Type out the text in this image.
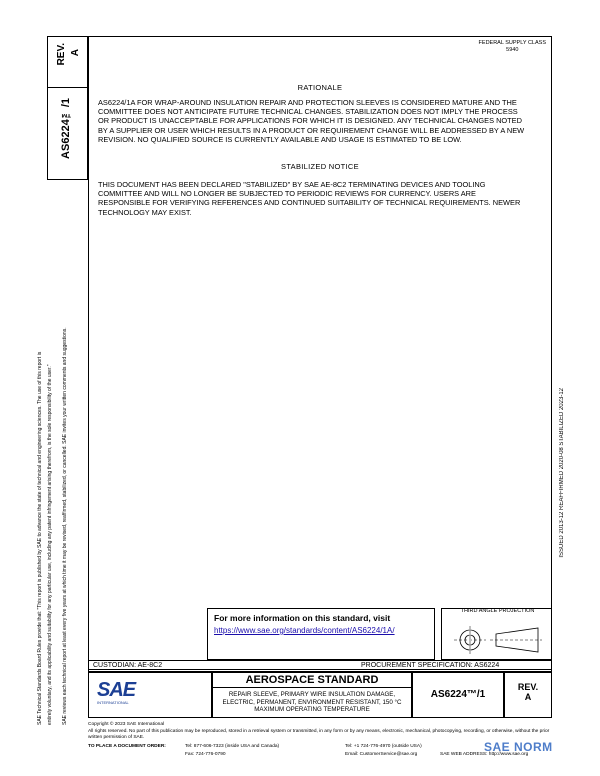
REV. A
AS6224™/1
SAE Technical Standards Board Rules provide that: "This report is published by SAE to advance the state of technical and engineering sciences. The use of this report is entirely voluntary, and its applicability and suitability for any particular use, including any patent infringement arising therefrom, is the sole responsibility of the user." SAE reviews each technical report at least every five years at which time it may be revised, reaffirmed, stabilized, or cancelled. SAE invites your written comments and suggestions.	ISSUED 2013-12 REAFFIRMED 2020-08 STABILIZED 2023-12
FEDERAL SUPPLY CLASS
5940
RATIONALE
AS6224/1A FOR WRAP-AROUND INSULATION REPAIR AND PROTECTION SLEEVES IS CONSIDERED MATURE AND THE COMMITTEE DOES NOT ANTICIPATE FUTURE TECHNICAL CHANGES. STABILIZATION DOES NOT IMPLY THE PROCESS OR PRODUCT IS UNACCEPTABLE FOR APPLICATIONS FOR WHICH IT IS DESIGNED. ANY TECHNICAL CHANGES NOTED BY A SUPPLIER OR USER WHICH RESULTS IN A PRODUCT OR REQUIREMENT CHANGE WILL BE ADDRESSED BY A NEW REVISION. NO QUALIFIED SOURCE IS CURRENTLY AVAILABLE AND USAGE IS ESTIMATED TO BE LOW.
STABILIZED NOTICE
THIS DOCUMENT HAS BEEN DECLARED "STABILIZED" BY SAE AE-8C2 TERMINATING DEVICES AND TOOLING COMMITTEE AND WILL NO LONGER BE SUBJECTED TO PERIODIC REVIEWS FOR CURRENCY. USERS ARE RESPONSIBLE FOR VERIFYING REFERENCES AND CONTINUED SUITABILITY OF TECHNICAL REQUIREMENTS. NEWER TECHNOLOGY MAY EXIST.
For more information on this standard, visit
https://www.sae.org/standards/content/AS6224/1A/
THIRD ANGLE PROJECTION
CUSTODIAN: AE-8C2	PROCUREMENT SPECIFICATION: AS6224
SAE
INTERNATIONAL
AEROSPACE STANDARD
REPAIR SLEEVE, PRIMARY WIRE INSULATION DAMAGE, ELECTRIC, PERMANENT, ENVIRONMENT RESISTANT, 150 °C MAXIMUM OPERATING TEMPERATURE
AS6224™/1
REV.
A
Copyright © 2023 SAE International
All rights reserved. No part of this publication may be reproduced, stored in a retrieval system or transmitted, in any form or by any means, electronic, mechanical, photocopying, recording, or otherwise, without the prior written permission of SAE.
TO PLACE A DOCUMENT ORDER:	Tel: 877-606-7323 (inside USA and Canada)	Tel: +1 724-776-4970 (outside USA)
Fax: 724-776-0790	Email: CustomerService@sae.org	SAE WEB ADDRESS: http://www.sae.org
SAE NORM
